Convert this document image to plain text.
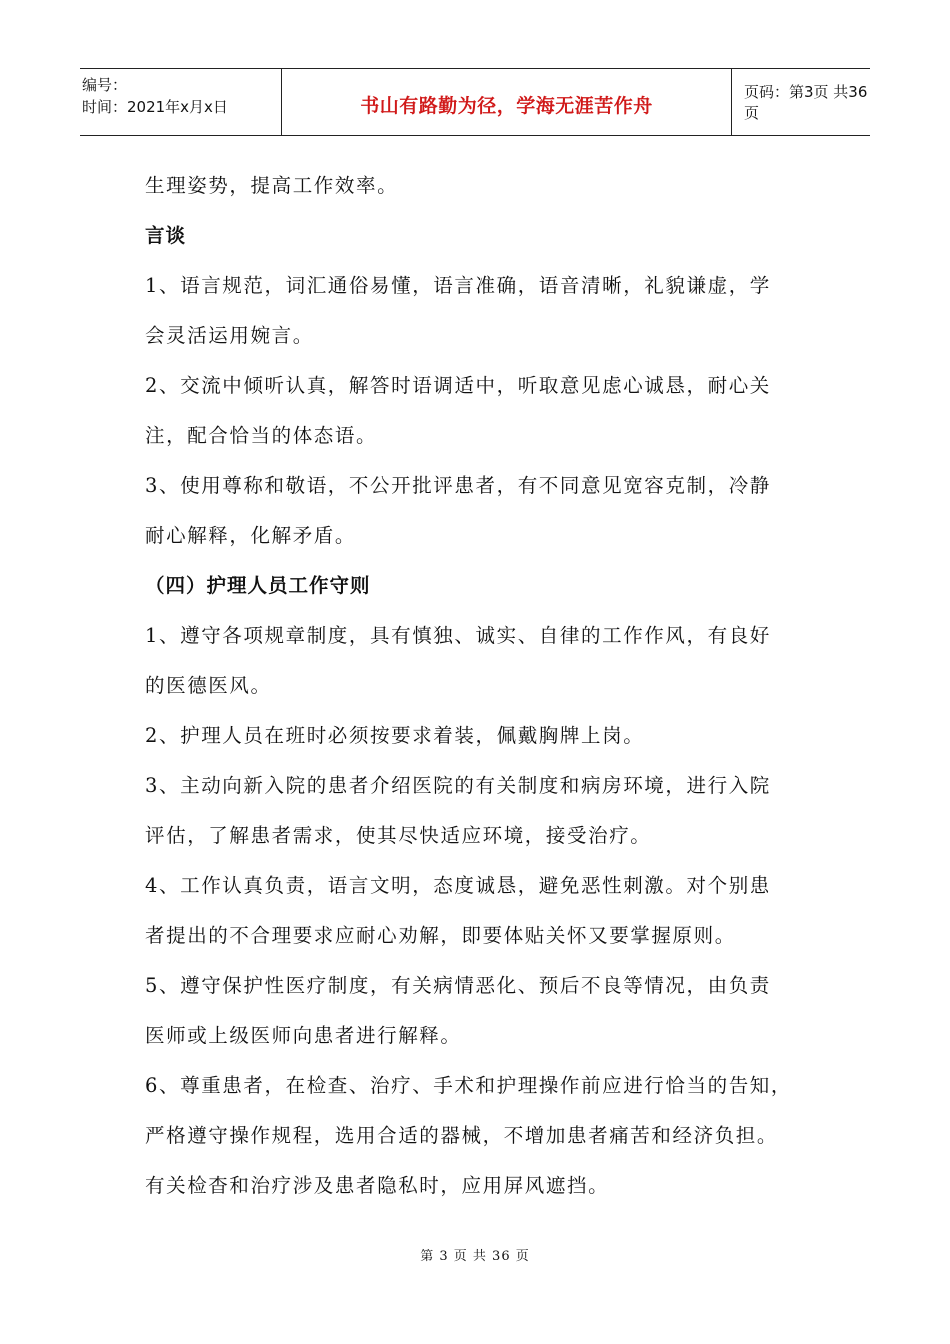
编号：
时间：2021年x月x日	书山有路勤为径，学海无涯苦作舟
页码：第3页 共36页

生理姿势，提高工作效率。

言谈

1、语言规范，词汇通俗易懂，语言准确，语音清晰，礼貌谦虚，学

会灵活运用婉言。

2、交流中倾听认真，解答时语调适中，听取意见虑心诚恳，耐心关

注，配合恰当的体态语。

3、使用尊称和敬语，不公开批评患者，有不同意见宽容克制，冷静

耐心解释，化解矛盾。

（四）护理人员工作守则

1、遵守各项规章制度，具有慎独、诚实、自律的工作作风，有良好

的医德医风。

2、护理人员在班时必须按要求着装，佩戴胸牌上岗。

3、主动向新入院的患者介绍医院的有关制度和病房环境，进行入院

评估，了解患者需求，使其尽快适应环境，接受治疗。

4、工作认真负责，语言文明，态度诚恳，避免恶性刺激。对个别患

者提出的不合理要求应耐心劝解，即要体贴关怀又要掌握原则。

5、遵守保护性医疗制度，有关病情恶化、预后不良等情况，由负责

医师或上级医师向患者进行解释。

6、尊重患者，在检查、治疗、手术和护理操作前应进行恰当的告知，

严格遵守操作规程，选用合适的器械，不增加患者痛苦和经济负担。

有关检杳和治疗涉及患者隐私时，应用屏风遮挡。

第 3 页 共 36 页
